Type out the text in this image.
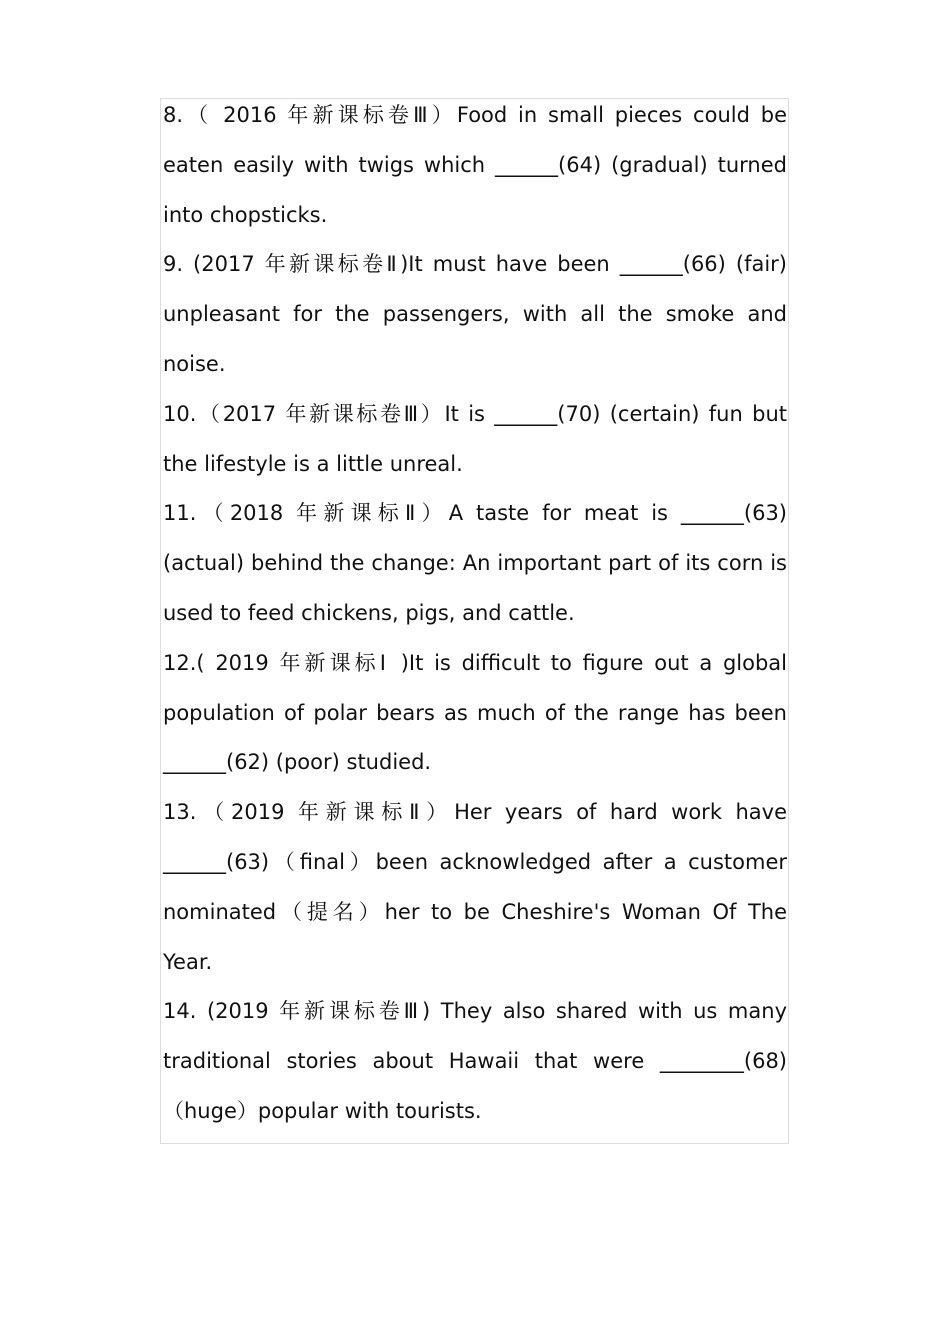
8.（ 2016 年新课标卷Ⅲ）Food in small pieces could be eaten easily with twigs which ______(64) (gradual) turned into chopsticks.

9. (2017 年新课标卷Ⅱ)It must have been ______(66) (fair) unpleasant for the passengers, with all the smoke and noise.

10.（2017 年新课标卷Ⅲ）It is ______(70) (certain) fun but the lifestyle is a little unreal.

11.（2018 年新课标Ⅱ）A taste for meat is ______(63) (actual) behind the change: An important part of its corn is used to feed chickens, pigs, and cattle.

12.( 2019 年新课标Ⅰ )It is difficult to figure out a global population of polar bears as much of the range has been ______(62) (poor) studied.

13.（2019 年新课标Ⅱ）Her years of hard work have ______(63)（final）been acknowledged after a customer nominated（提名）her to be Cheshire's Woman Of The Year.

14. (2019 年新课标卷Ⅲ) They also shared with us many traditional stories about Hawaii that were ________(68)（huge）popular with tourists.
